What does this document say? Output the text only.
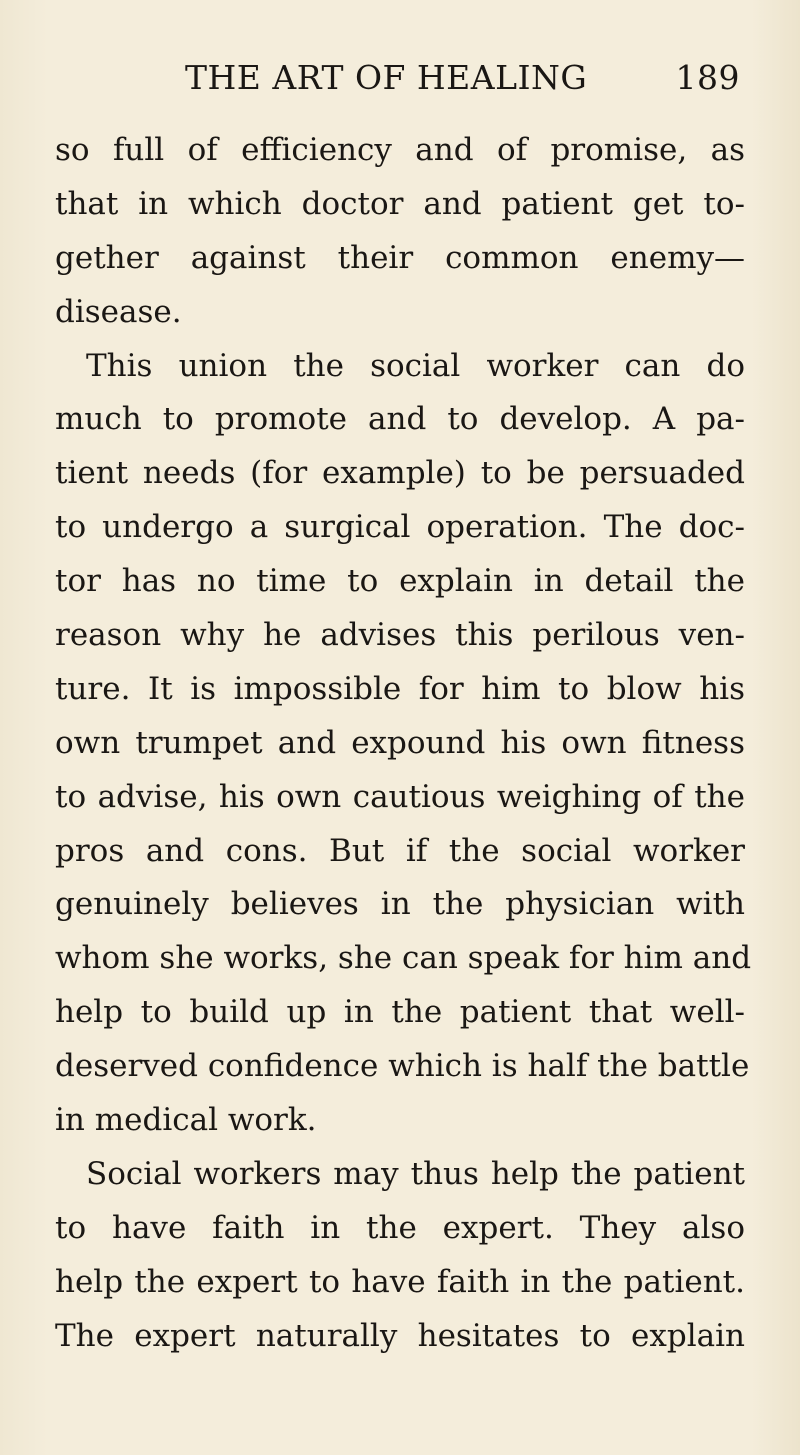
THE ART OF HEALING	189
so full of efficiency and of promise, as
that in which doctor and patient get to-
gether against their common enemy—
disease.
This union the social worker can do
much to promote and to develop. A pa-
tient needs (for example) to be persuaded
to undergo a surgical operation. The doc-
tor has no time to explain in detail the
reason why he advises this perilous ven-
ture. It is impossible for him to blow his
own trumpet and expound his own fitness
to advise, his own cautious weighing of the
pros and cons. But if the social worker
genuinely believes in the physician with
whom she works, she can speak for him and
help to build up in the patient that well-
deserved confidence which is half the battle
in medical work.
Social workers may thus help the patient
to have faith in the expert. They also
help the expert to have faith in the patient.
The expert naturally hesitates to explain
